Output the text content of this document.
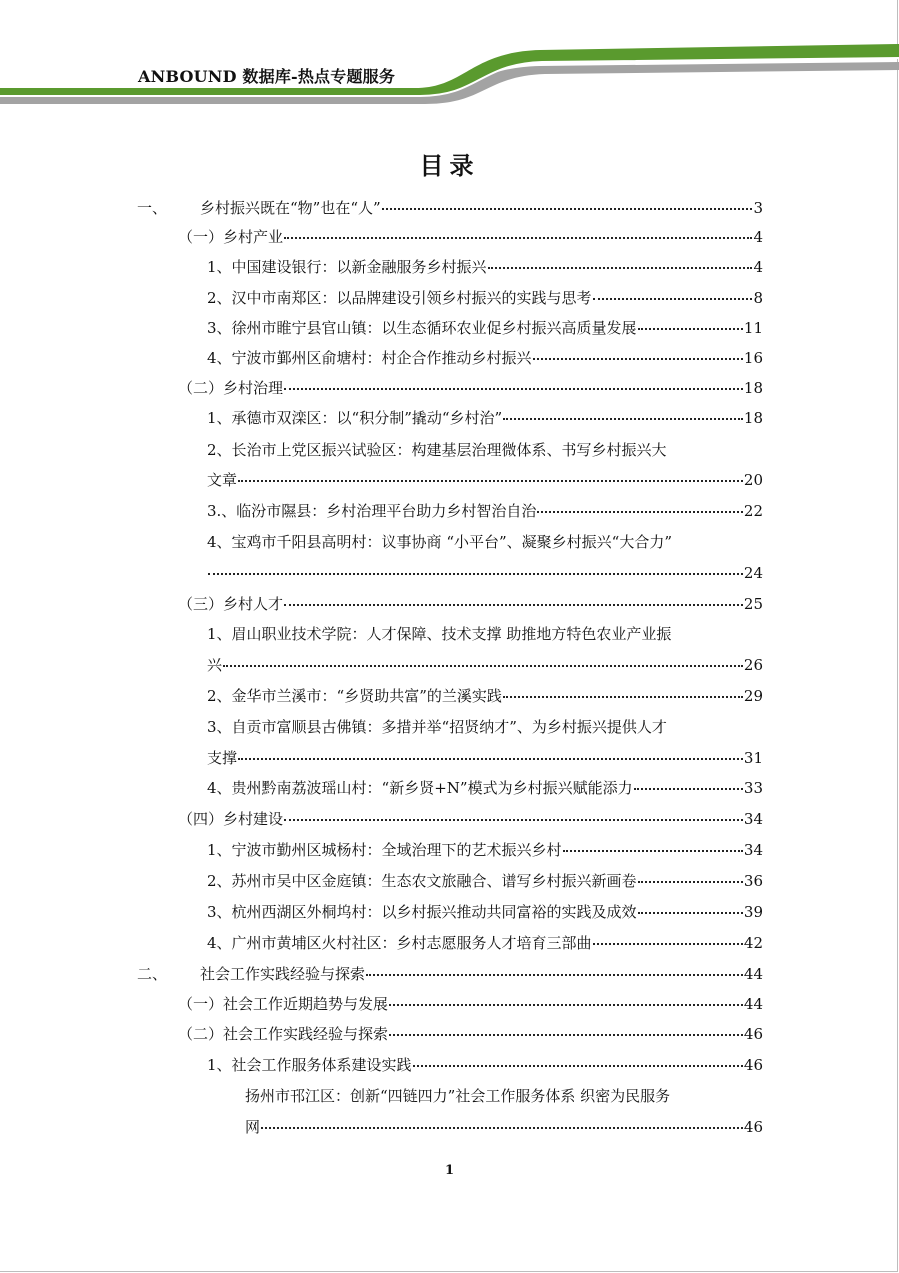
ANBOUND 数据库-热点专题服务
目录
一、	乡村振兴既在“物”也在“人”	3
（一）乡村产业	4
1、中国建设银行：以新金融服务乡村振兴	4
2、汉中市南郑区：以品牌建设引领乡村振兴的实践与思考	8
3、徐州市睢宁县官山镇：以生态循环农业促乡村振兴高质量发展	11
4、宁波市鄞州区俞塘村：村企合作推动乡村振兴	16
（二）乡村治理	18
1、承德市双滦区：以“积分制”撬动“乡村治”	18
2、长治市上党区振兴试验区：构建基层治理微体系、书写乡村振兴大
文章	20
3.、临汾市隰县：乡村治理平台助力乡村智治自治	22
4、宝鸡市千阳县高明村：议事协商 “小平台”、凝聚乡村振兴“大合力”
24
（三）乡村人才	25
1、眉山职业技术学院：人才保障、技术支撑 助推地方特色农业产业振
兴	26
2、金华市兰溪市：“乡贤助共富”的兰溪实践	29
3、自贡市富顺县古佛镇：多措并举“招贤纳才”、为乡村振兴提供人才
支撑	31
4、贵州黔南荔波瑶山村：“新乡贤+N”模式为乡村振兴赋能添力	33
（四）乡村建设	34
1、宁波市勤州区城杨村：全域治理下的艺术振兴乡村	34
2、苏州市吴中区金庭镇：生态农文旅融合、谱写乡村振兴新画卷	36
3、杭州西湖区外桐坞村：以乡村振兴推动共同富裕的实践及成效	39
4、广州市黄埔区火村社区：乡村志愿服务人才培育三部曲	42
二、	社会工作实践经验与探索	44
（一）社会工作近期趋势与发展	44
（二）社会工作实践经验与探索	46
1、社会工作服务体系建设实践	46
扬州市邗江区：创新“四链四力”社会工作服务体系 织密为民服务
网	46
1
